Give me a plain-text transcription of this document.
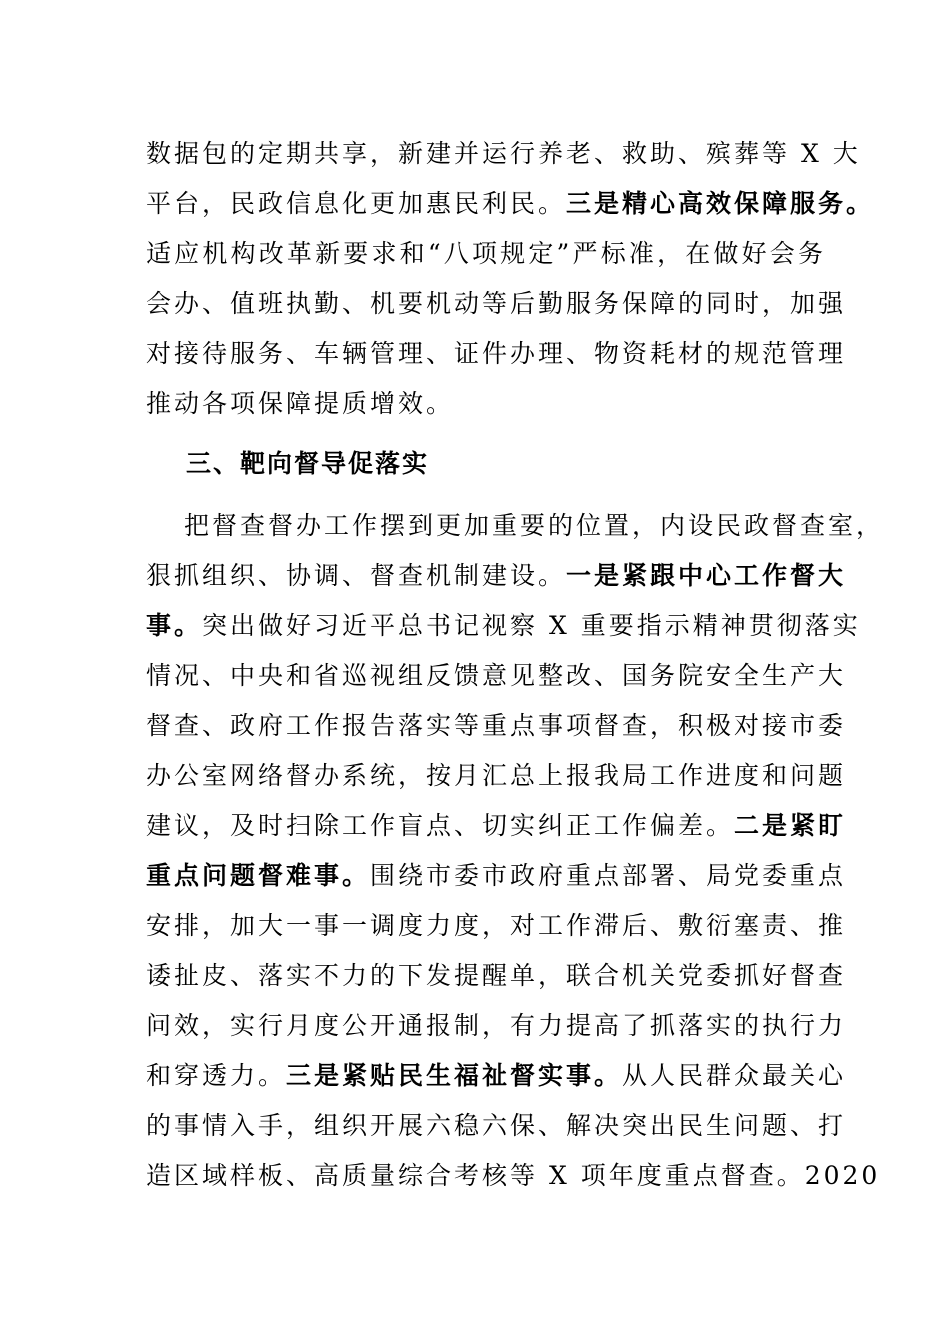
数据包的定期共享，新建并运行养老、救助、殡葬等 X 大
平台，民政信息化更加惠民利民。三是精心高效保障服务。
适应机构改革新要求和“八项规定”严标准，在做好会务
会办、值班执勤、机要机动等后勤服务保障的同时，加强
对接待服务、车辆管理、证件办理、物资耗材的规范管理
推动各项保障提质增效。
三、靶向督导促落实
把督查督办工作摆到更加重要的位置，内设民政督查室，
狠抓组织、协调、督查机制建设。一是紧跟中心工作督大
事。突出做好习近平总书记视察 X 重要指示精神贯彻落实
情况、中央和省巡视组反馈意见整改、国务院安全生产大
督查、政府工作报告落实等重点事项督查，积极对接市委
办公室网络督办系统，按月汇总上报我局工作进度和问题
建议，及时扫除工作盲点、切实纠正工作偏差。二是紧盯
重点问题督难事。围绕市委市政府重点部署、局党委重点
安排，加大一事一调度力度，对工作滞后、敷衍塞责、推
诿扯皮、落实不力的下发提醒单，联合机关党委抓好督查
问效，实行月度公开通报制，有力提高了抓落实的执行力
和穿透力。三是紧贴民生福祉督实事。从人民群众最关心
的事情入手，组织开展六稳六保、解决突出民生问题、打
造区域样板、高质量综合考核等 X 项年度重点督查。2020
